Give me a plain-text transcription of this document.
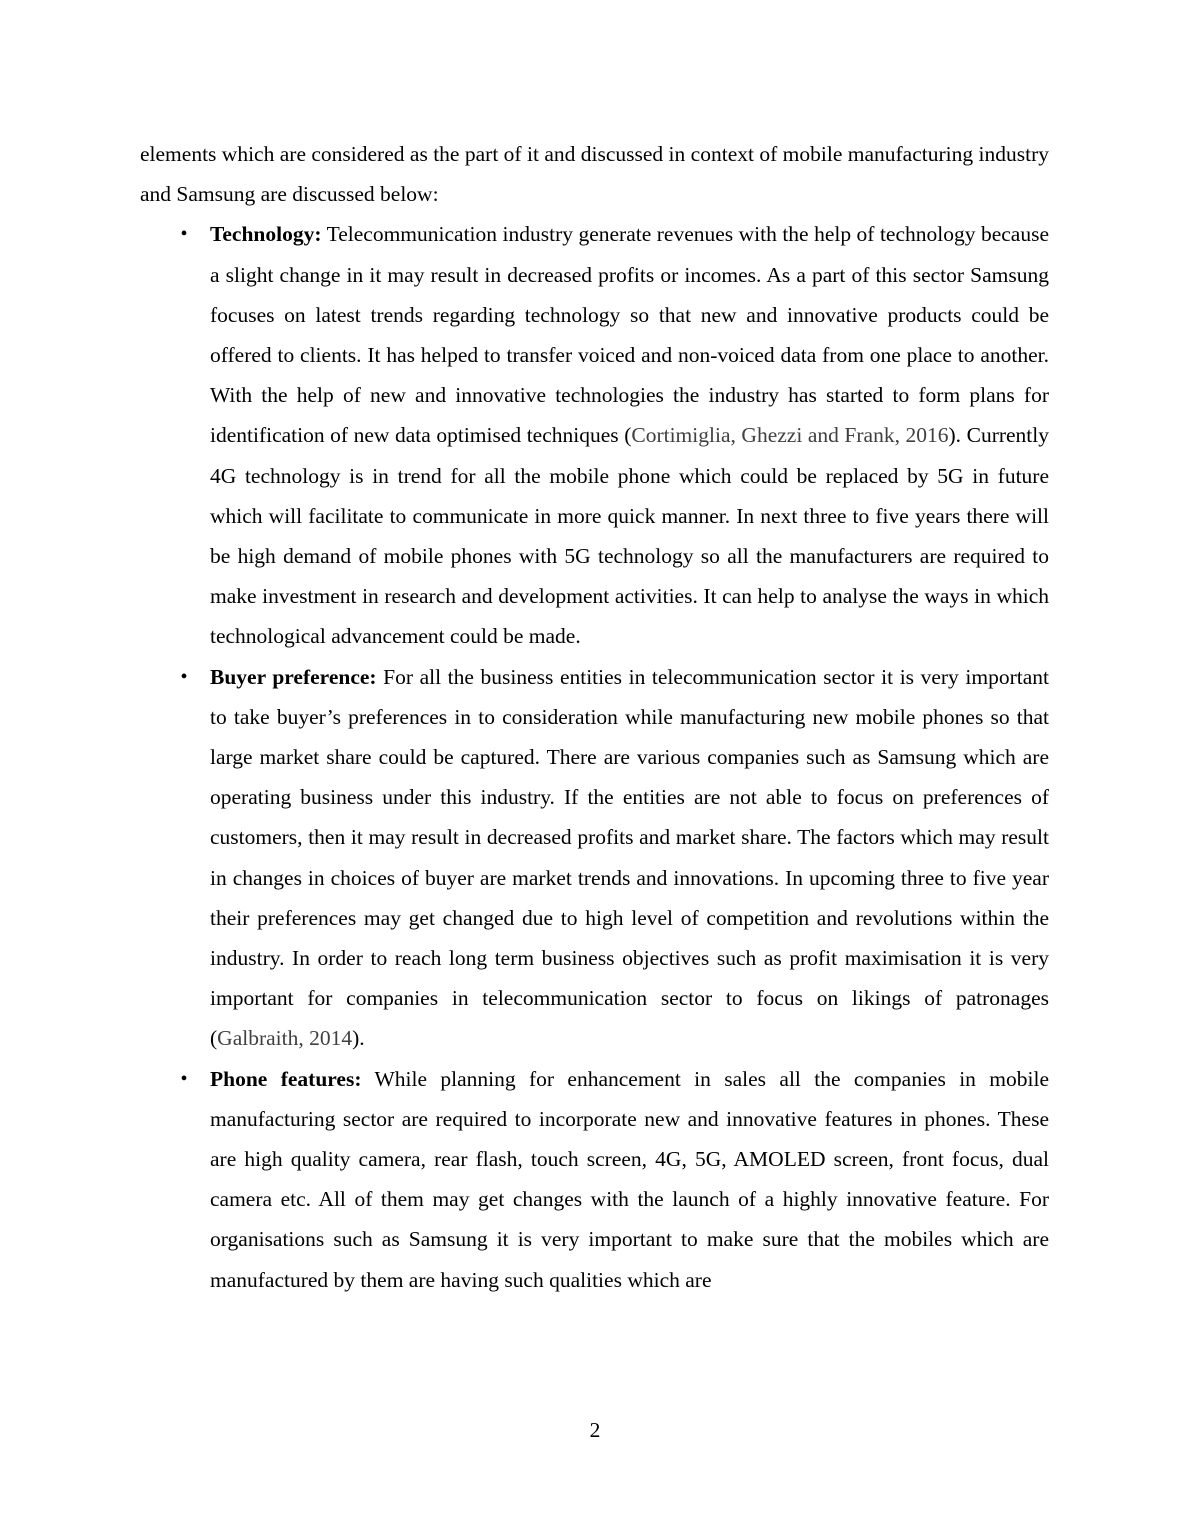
elements which are considered as the part of it and discussed in context of mobile manufacturing industry and Samsung are discussed below:

•	Technology: Telecommunication industry generate revenues with the help of technology because a slight change in it may result in decreased profits or incomes. As a part of this sector Samsung focuses on latest trends regarding technology so that new and innovative products could be offered to clients. It has helped to transfer voiced and non-voiced data from one place to another. With the help of new and innovative technologies the industry has started to form plans for identification of new data optimised techniques (Cortimiglia, Ghezzi and Frank, 2016). Currently 4G technology is in trend for all the mobile phone which could be replaced by 5G in future which will facilitate to communicate in more quick manner. In next three to five years there will be high demand of mobile phones with 5G technology so all the manufacturers are required to make investment in research and development activities. It can help to analyse the ways in which technological advancement could be made.
•	Buyer preference: For all the business entities in telecommunication sector it is very important to take buyer’s preferences in to consideration while manufacturing new mobile phones so that large market share could be captured. There are various companies such as Samsung which are operating business under this industry. If the entities are not able to focus on preferences of customers, then it may result in decreased profits and market share. The factors which may result in changes in choices of buyer are market trends and innovations. In upcoming three to five year their preferences may get changed due to high level of competition and revolutions within the industry. In order to reach long term business objectives such as profit maximisation it is very important for companies in telecommunication sector to focus on likings of patronages (Galbraith, 2014).
•	Phone features: While planning for enhancement in sales all the companies in mobile manufacturing sector are required to incorporate new and innovative features in phones. These are high quality camera, rear flash, touch screen, 4G, 5G, AMOLED screen, front focus, dual camera etc. All of them may get changes with the launch of a highly innovative feature. For organisations such as Samsung it is very important to make sure that the mobiles which are manufactured by them are having such qualities which are
2
